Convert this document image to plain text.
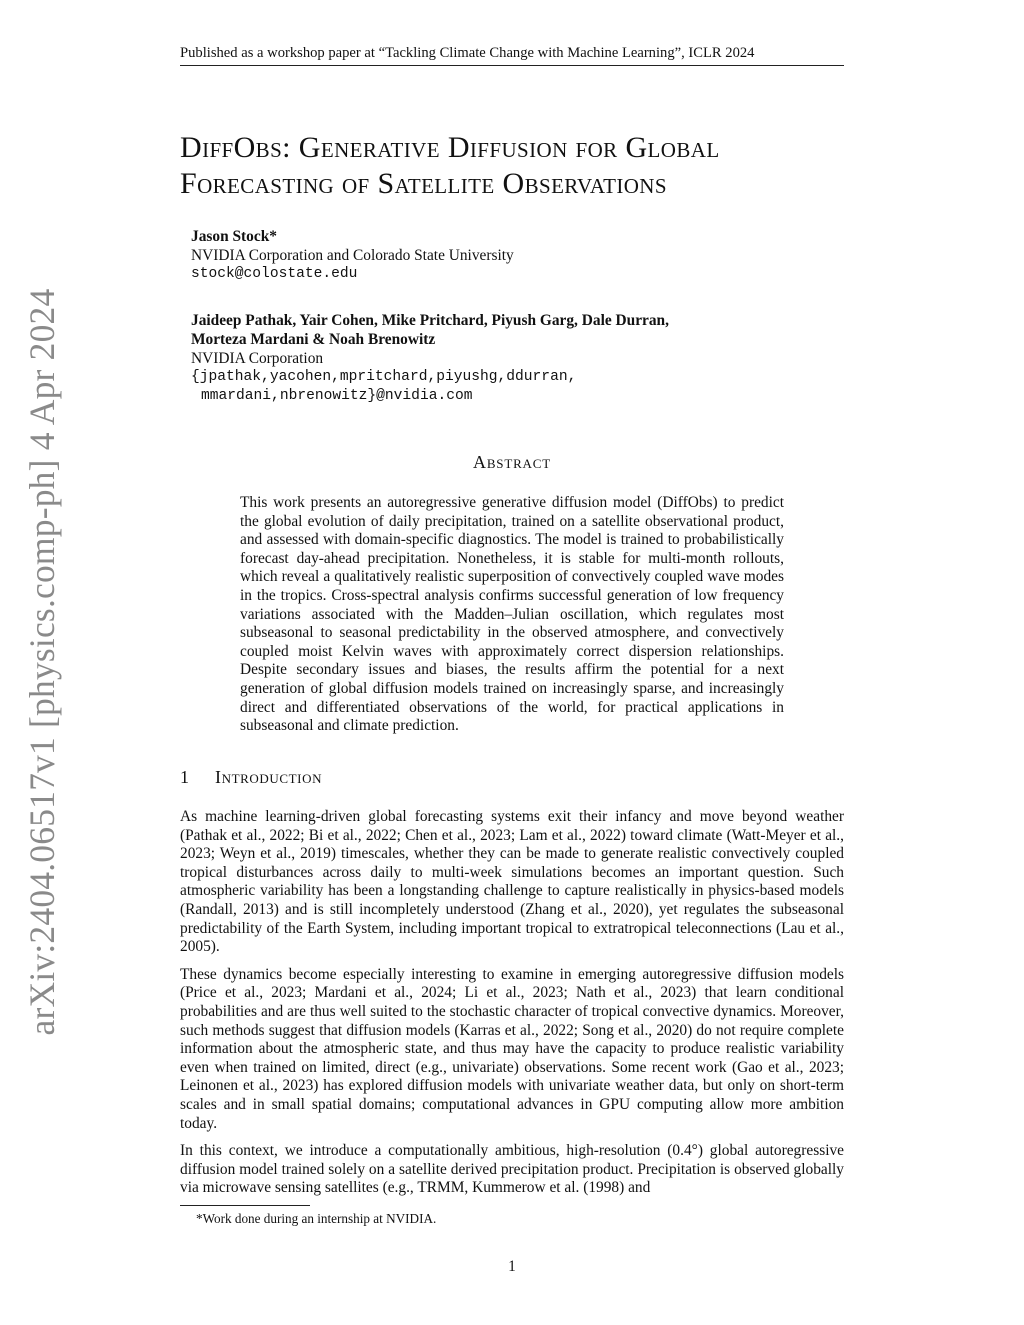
Published as a workshop paper at “Tackling Climate Change with Machine Learning”, ICLR 2024
arXiv:2404.06517v1 [physics.comp-ph] 4 Apr 2024
DiffObs: Generative Diffusion for Global
Forecasting of Satellite Observations
Jason Stock*
NVIDIA Corporation and Colorado State University
stock@colostate.edu
Jaideep Pathak, Yair Cohen, Mike Pritchard, Piyush Garg, Dale Durran,
Morteza Mardani & Noah Brenowitz
NVIDIA Corporation
{jpathak,yacohen,mpritchard,piyushg,ddurran,
mmardani,nbrenowitz}@nvidia.com
Abstract
This work presents an autoregressive generative diffusion model (DiffObs) to predict the global evolution of daily precipitation, trained on a satellite observational product, and assessed with domain-specific diagnostics. The model is trained to probabilistically forecast day-ahead precipitation. Nonetheless, it is stable for multi-month rollouts, which reveal a qualitatively realistic superposition of convectively coupled wave modes in the tropics. Cross-spectral analysis confirms successful generation of low frequency variations associated with the Madden–Julian oscillation, which regulates most subseasonal to seasonal predictability in the observed atmosphere, and convectively coupled moist Kelvin waves with approximately correct dispersion relationships. Despite secondary issues and biases, the results affirm the potential for a next generation of global diffusion models trained on increasingly sparse, and increasingly direct and differentiated observations of the world, for practical applications in subseasonal and climate prediction.
1 Introduction

As machine learning-driven global forecasting systems exit their infancy and move beyond weather (Pathak et al., 2022; Bi et al., 2022; Chen et al., 2023; Lam et al., 2022) toward climate (Watt-Meyer et al., 2023; Weyn et al., 2019) timescales, whether they can be made to generate realistic convectively coupled tropical disturbances across daily to multi-week simulations becomes an important question. Such atmospheric variability has been a longstanding challenge to capture realistically in physics-based models (Randall, 2013) and is still incompletely understood (Zhang et al., 2020), yet regulates the subseasonal predictability of the Earth System, including important tropical to extratropical teleconnections (Lau et al., 2005).

These dynamics become especially interesting to examine in emerging autoregressive diffusion models (Price et al., 2023; Mardani et al., 2024; Li et al., 2023; Nath et al., 2023) that learn conditional probabilities and are thus well suited to the stochastic character of tropical convective dynamics. Moreover, such methods suggest that diffusion models (Karras et al., 2022; Song et al., 2020) do not require complete information about the atmospheric state, and thus may have the capacity to produce realistic variability even when trained on limited, direct (e.g., univariate) observations. Some recent work (Gao et al., 2023; Leinonen et al., 2023) has explored diffusion models with univariate weather data, but only on short-term scales and in small spatial domains; computational advances in GPU computing allow more ambition today.

In this context, we introduce a computationally ambitious, high-resolution (0.4°) global autoregressive diffusion model trained solely on a satellite derived precipitation product. Precipitation is observed globally via microwave sensing satellites (e.g., TRMM, Kummerow et al. (1998) and

*Work done during an internship at NVIDIA.
1
